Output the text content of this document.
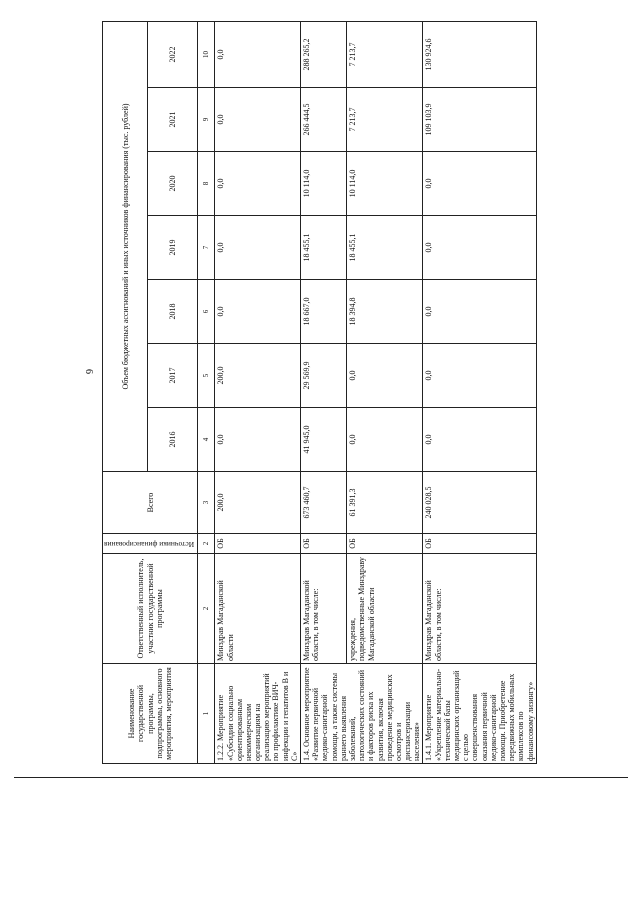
6
Наименование государственной программы, подпрограммы, основного мероприятия, мероприятия	Ответственный исполнитель, участник государственной программы	Источники финансирования	Всего	Объем бюджетных ассигнований и иных источников финансирования (тыс. рублей)						
				2016	2017	2018	2019	2020	2021	2022
1	2	2	3	4	5	6	7	8	9	10
1.2.2. Мероприятие «Субсидии социально ориентированным некоммерческим организациям на реализацию мероприятий по профилактике ВИЧ-инфекции и гепатитов В и С»	Минздрав Магаданской области	ОБ	200,0	0,0	200,0	0,0	0,0	0,0	0,0	0,0
1.4. Основное мероприятие «Развитие первичной медико-санитарной помощи, а также системы раннего выявления заболеваний, патологических состояний и факторов риска их развития, включая проведение медицинских осмотров и диспансеризации населения»	Минздрав Магаданской области, в том числе:	ОБ	673 460,7	41 945,0	29 569,9	18 667,0	18 455,1	10 114,0	266 444,5	288 265,2
	учреждения, подведомственные Минздраву Магаданской области	ОБ	61 391,3	0,0	0,0	18 394,8	18 455,1	10 114,0	7 213,7	7 213,7
1.4.1. Мероприятие «Укрепление материально-технической базы медицинских организаций с целью совершенствования оказания первичной медико-санитарной помощи. Приобретение передвижных мобильных комплексов по финансовому лизингу»	Минздрав Магаданской области, в том числе:	ОБ	240 028,5	0,0	0,0	0,0	0,0	0,0	109 103,9	130 924,6
